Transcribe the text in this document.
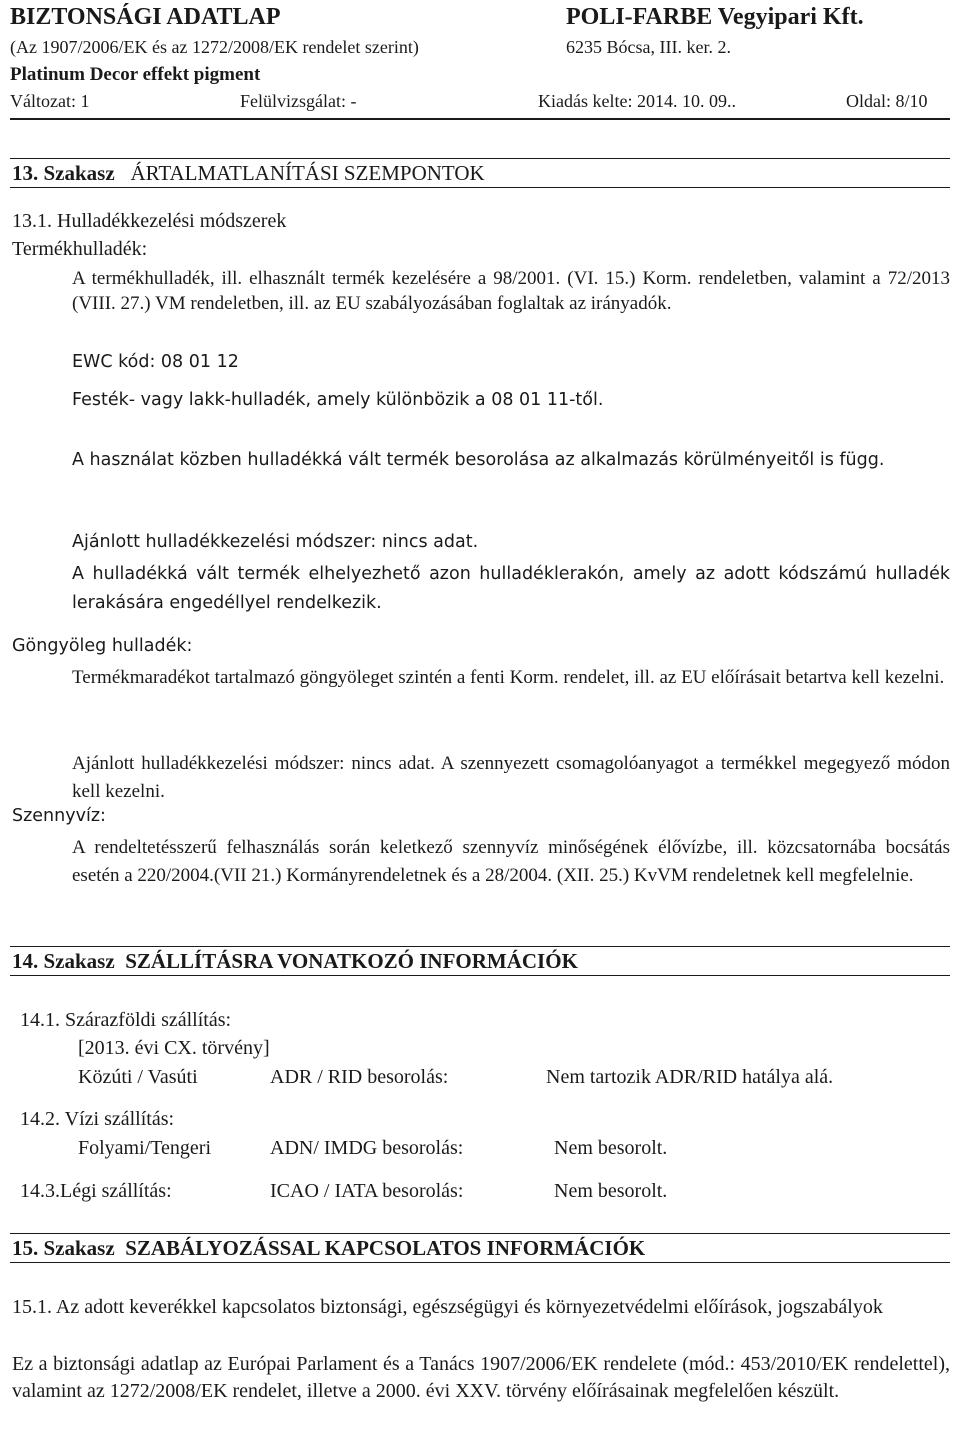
BIZTONSÁGI ADATLAP	POLI-FARBE Vegyipari Kft.
(Az 1907/2006/EK és az 1272/2008/EK rendelet szerint)	6235 Bócsa, III. ker. 2.
Platinum Decor effekt pigment
Változat: 1	Felülvizsgálat: -	Kiadás kelte: 2014. 10. 09..	Oldal: 8/10
13. Szakasz ÁRTALMATLANÍTÁSI SZEMPONTOK
13.1. Hulladékkezelési módszerek
Termékhulladék:
A termékhulladék, ill. elhasznált termék kezelésére a 98/2001. (VI. 15.) Korm. rendeletben, valamint a 72/2013 (VIII. 27.) VM rendeletben, ill. az EU szabályozásában foglaltak az irányadók.
EWC kód: 08 01 12
Festék- vagy lakk-hulladék, amely különbözik a 08 01 11-től.
A használat közben hulladékká vált termék besorolása az alkalmazás körülményeitől is függ.
Ajánlott hulladékkezelési módszer: nincs adat.
A hulladékká vált termék elhelyezhető azon hulladéklerakón, amely az adott kódszámú hulladék lerakására engedéllyel rendelkezik.
Göngyöleg hulladék:
Termékmaradékot tartalmazó göngyöleget szintén a fenti Korm. rendelet, ill. az EU előírásait betartva kell kezelni.
Ajánlott hulladékkezelési módszer: nincs adat. A szennyezett csomagolóanyagot a termékkel megegyező módon kell kezelni.
Szennyvíz:
A rendeltetésszerű felhasználás során keletkező szennyvíz minőségének élővízbe, ill. közcsatornába bocsátás esetén a 220/2004.(VII 21.) Kormányrendeletnek és a 28/2004. (XII. 25.) KvVM rendeletnek kell megfelelnie.
14. Szakasz SZÁLLÍTÁSRA VONATKOZÓ INFORMÁCIÓK
14.1. Szárazföldi szállítás:
[2013. évi CX. törvény]
Közúti / Vasúti	ADR / RID besorolás:	Nem tartozik ADR/RID hatálya alá.
14.2. Vízi szállítás:
Folyami/Tengeri	ADN/ IMDG besorolás:	Nem besorolt.
14.3.Légi szállítás:	ICAO / IATA besorolás:	Nem besorolt.
15. Szakasz SZABÁLYOZÁSSAL KAPCSOLATOS INFORMÁCIÓK
15.1. Az adott keverékkel kapcsolatos biztonsági, egészségügyi és környezetvédelmi előírások, jogszabályok
Ez a biztonsági adatlap az Európai Parlament és a Tanács 1907/2006/EK rendelete (mód.: 453/2010/EK rendelettel), valamint az 1272/2008/EK rendelet, illetve a 2000. évi XXV. törvény előírásainak megfelelően készült.
